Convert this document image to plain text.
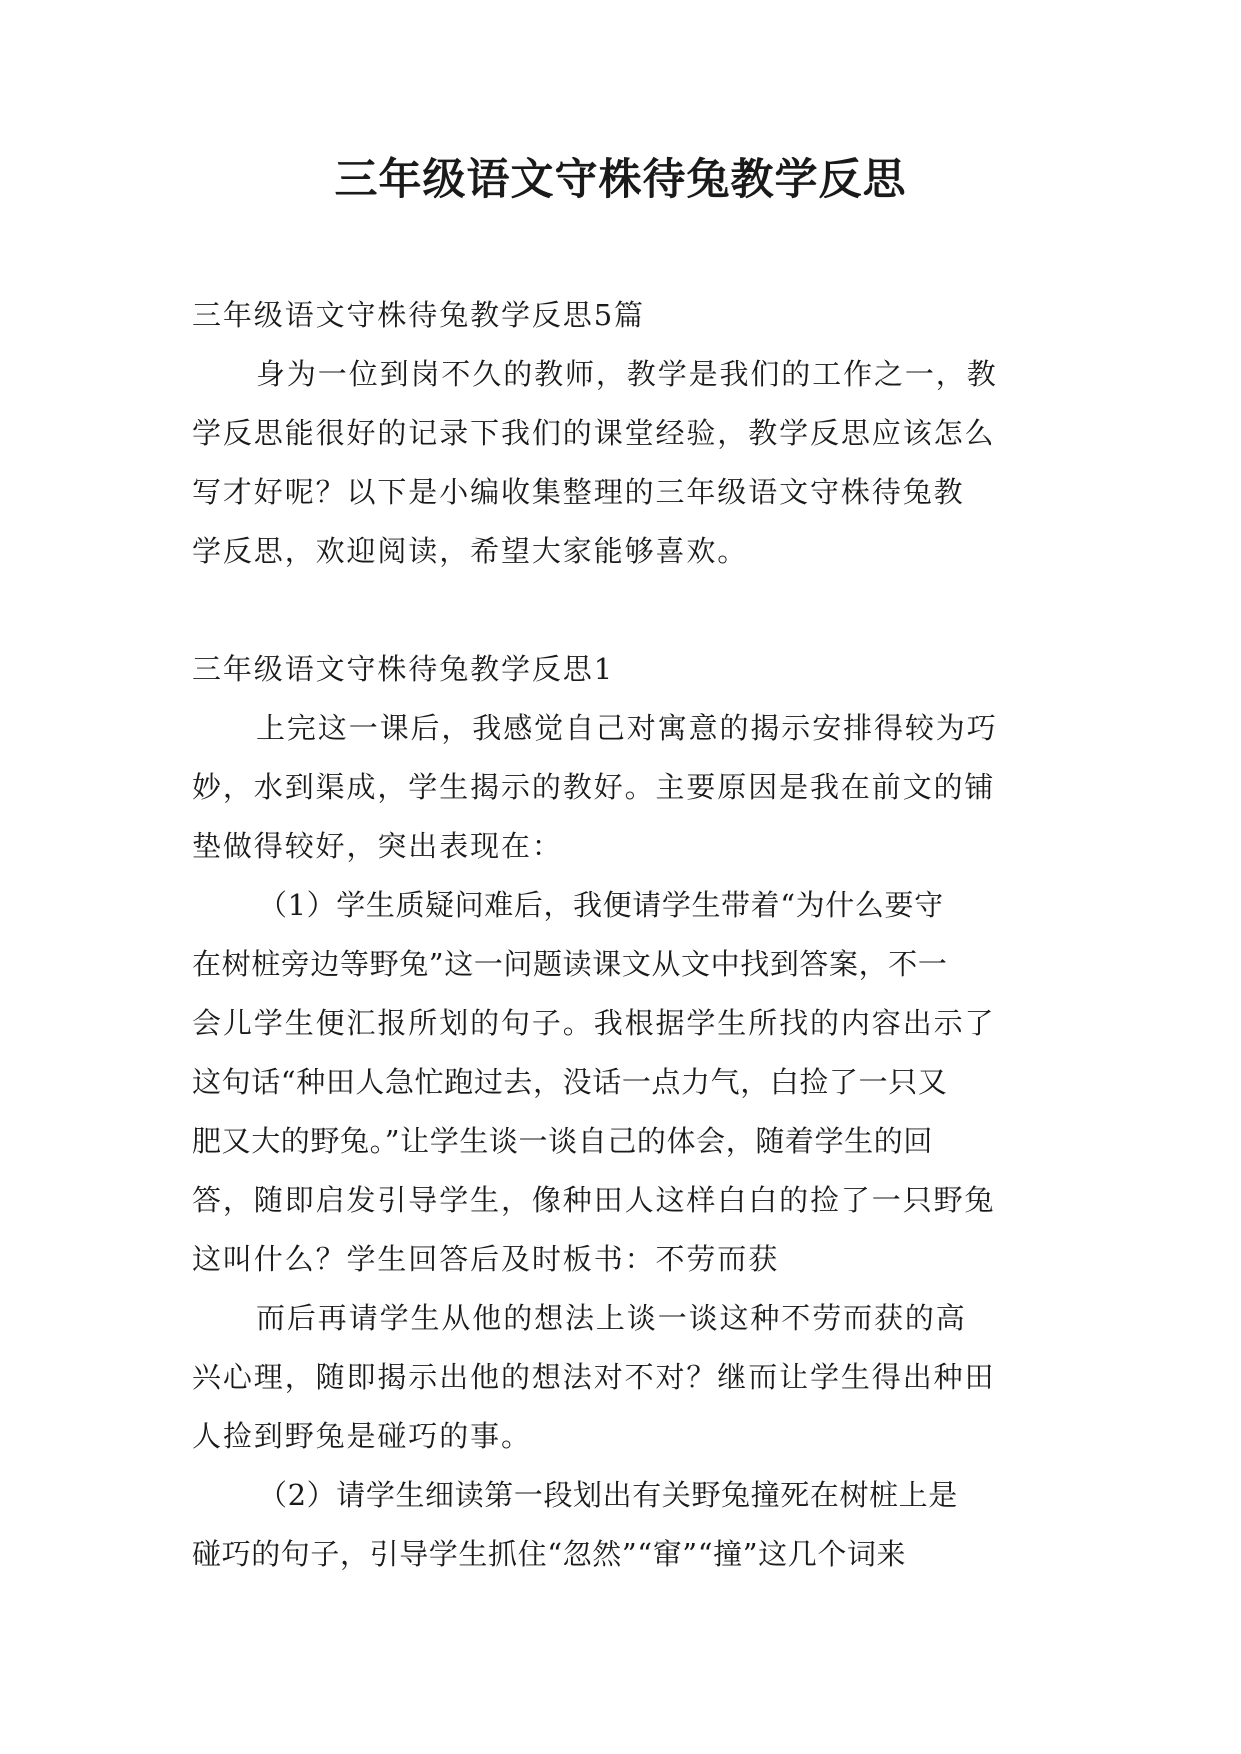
三年级语文守株待兔教学反思
三年级语文守株待兔教学反思5篇
身为一位到岗不久的教师，教学是我们的工作之一，教
学反思能很好的记录下我们的课堂经验，教学反思应该怎么
写才好呢？以下是小编收集整理的三年级语文守株待兔教
学反思，欢迎阅读，希望大家能够喜欢。
三年级语文守株待兔教学反思1
上完这一课后，我感觉自己对寓意的揭示安排得较为巧
妙，水到渠成，学生揭示的教好。主要原因是我在前文的铺
垫做得较好，突出表现在：
（1）学生质疑问难后，我便请学生带着“为什么要守
在树桩旁边等野兔”这一问题读课文从文中找到答案，不一
会儿学生便汇报所划的句子。我根据学生所找的内容出示了
这句话“种田人急忙跑过去，没话一点力气，白捡了一只又
肥又大的野兔。”让学生谈一谈自己的体会，随着学生的回
答，随即启发引导学生，像种田人这样白白的捡了一只野兔
这叫什么？学生回答后及时板书：不劳而获
而后再请学生从他的想法上谈一谈这种不劳而获的高
兴心理，随即揭示出他的想法对不对？继而让学生得出种田
人捡到野兔是碰巧的事。
（2）请学生细读第一段划出有关野兔撞死在树桩上是
碰巧的句子，引导学生抓住“忽然”“窜”“撞”这几个词来
